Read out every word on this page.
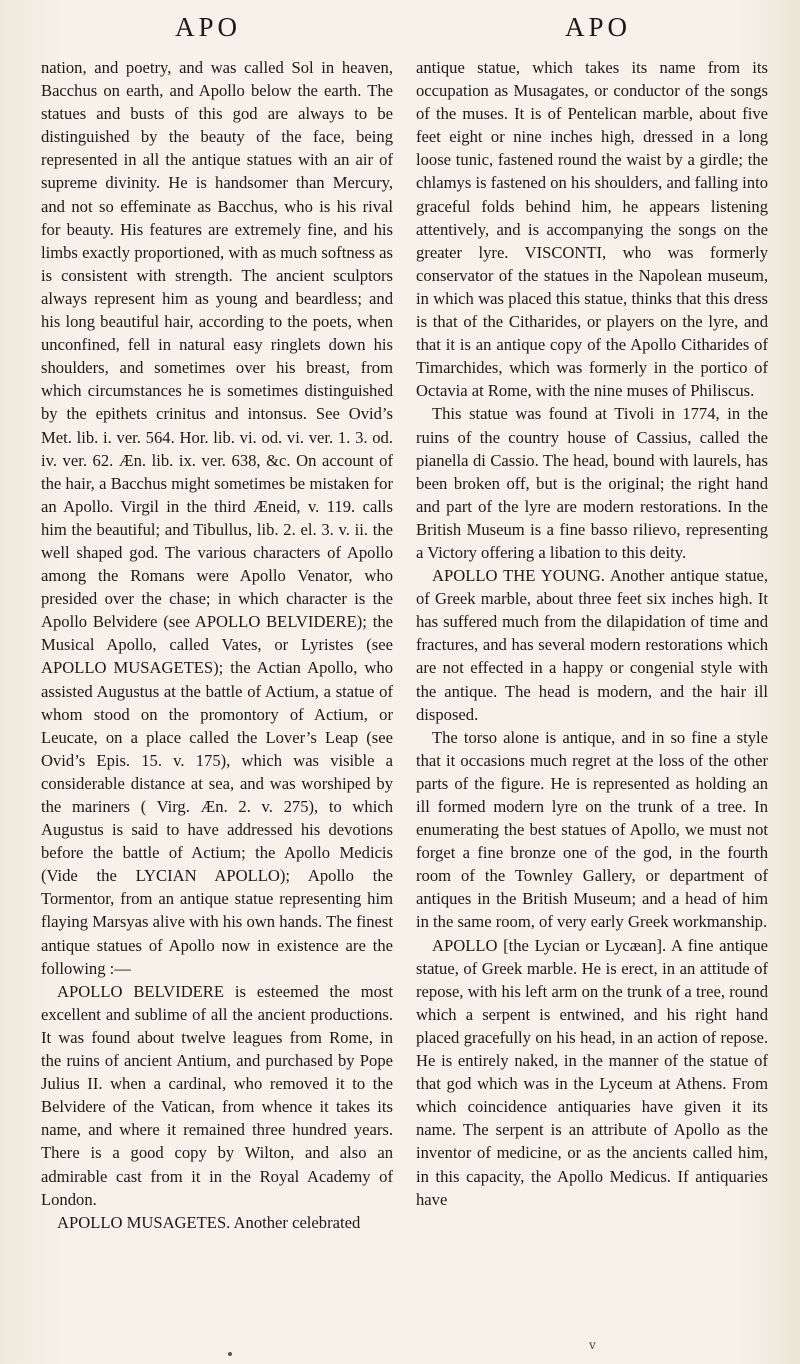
APO	APO

nation, and poetry, and was called Sol in heaven, Bacchus on earth, and Apollo below the earth. The statues and busts of this god are always to be distinguished by the beauty of the face, being represented in all the antique statues with an air of supreme divinity. He is handsomer than Mercury, and not so effeminate as Bacchus, who is his rival for beauty. His features are extremely fine, and his limbs exactly proportioned, with as much softness as is consistent with strength. The ancient sculptors always represent him as young and beardless; and his long beautiful hair, according to the poets, when unconfined, fell in natural easy ringlets down his shoulders, and sometimes over his breast, from which circumstances he is sometimes distinguished by the epithets crinitus and intonsus. See Ovid’s Met. lib. i. ver. 564. Hor. lib. vi. od. vi. ver. 1. 3. od. iv. ver. 62. Æn. lib. ix. ver. 638, &c. On account of the hair, a Bacchus might sometimes be mistaken for an Apollo. Virgil in the third Æneid, v. 119. calls him the beautiful; and Tibullus, lib. 2. el. 3. v. ii. the well shaped god. The various characters of Apollo among the Romans were Apollo Venator, who presided over the chase; in which character is the Apollo Belvidere (see APOLLO BELVIDERE); the Musical Apollo, called Vates, or Lyristes (see APOLLO MUSAGETES); the Actian Apollo, who assisted Augustus at the battle of Actium, a statue of whom stood on the promontory of Actium, or Leucate, on a place called the Lover’s Leap (see Ovid’s Epis. 15. v. 175), which was visible a considerable distance at sea, and was worshiped by the mariners ( Virg. Æn. 2. v. 275), to which Augustus is said to have addressed his devotions before the battle of Actium; the Apollo Medicis (Vide the LYCIAN APOLLO); Apollo the Tormentor, from an antique statue representing him flaying Marsyas alive with his own hands. The finest antique statues of Apollo now in existence are the following :—

APOLLO BELVIDERE is esteemed the most excellent and sublime of all the ancient productions. It was found about twelve leagues from Rome, in the ruins of ancient Antium, and purchased by Pope Julius II. when a cardinal, who removed it to the Belvidere of the Vatican, from whence it takes its name, and where it remained three hundred years. There is a good copy by Wilton, and also an admirable cast from it in the Royal Academy of London.

APOLLO MUSAGETES. Another celebrated

antique statue, which takes its name from its occupation as Musagates, or conductor of the songs of the muses. It is of Pentelican marble, about five feet eight or nine inches high, dressed in a long loose tunic, fastened round the waist by a girdle; the chlamys is fastened on his shoulders, and falling into graceful folds behind him, he appears listening attentively, and is accompanying the songs on the greater lyre. VISCONTI, who was formerly conservator of the statues in the Napolean museum, in which was placed this statue, thinks that this dress is that of the Citharides, or players on the lyre, and that it is an antique copy of the Apollo Citharides of Timarchides, which was formerly in the portico of Octavia at Rome, with the nine muses of Philiscus.

This statue was found at Tivoli in 1774, in the ruins of the country house of Cassius, called the pianella di Cassio. The head, bound with laurels, has been broken off, but is the original; the right hand and part of the lyre are modern restorations. In the British Museum is a fine basso rilievo, representing a Victory offering a libation to this deity.

APOLLO THE YOUNG. Another antique statue, of Greek marble, about three feet six inches high. It has suffered much from the dilapidation of time and fractures, and has several modern restorations which are not effected in a happy or congenial style with the antique. The head is modern, and the hair ill disposed.

The torso alone is antique, and in so fine a style that it occasions much regret at the loss of the other parts of the figure. He is represented as holding an ill formed modern lyre on the trunk of a tree. In enumerating the best statues of Apollo, we must not forget a fine bronze one of the god, in the fourth room of the Townley Gallery, or department of antiques in the British Museum; and a head of him in the same room, of very early Greek workmanship.

APOLLO [the Lycian or Lycæan]. A fine antique statue, of Greek marble. He is erect, in an attitude of repose, with his left arm on the trunk of a tree, round which a serpent is entwined, and his right hand placed gracefully on his head, in an action of repose. He is entirely naked, in the manner of the statue of that god which was in the Lyceum at Athens. From which coincidence antiquaries have given it its name. The serpent is an attribute of Apollo as the inventor of medicine, or as the ancients called him, in this capacity, the Apollo Medicus. If antiquaries have

v
